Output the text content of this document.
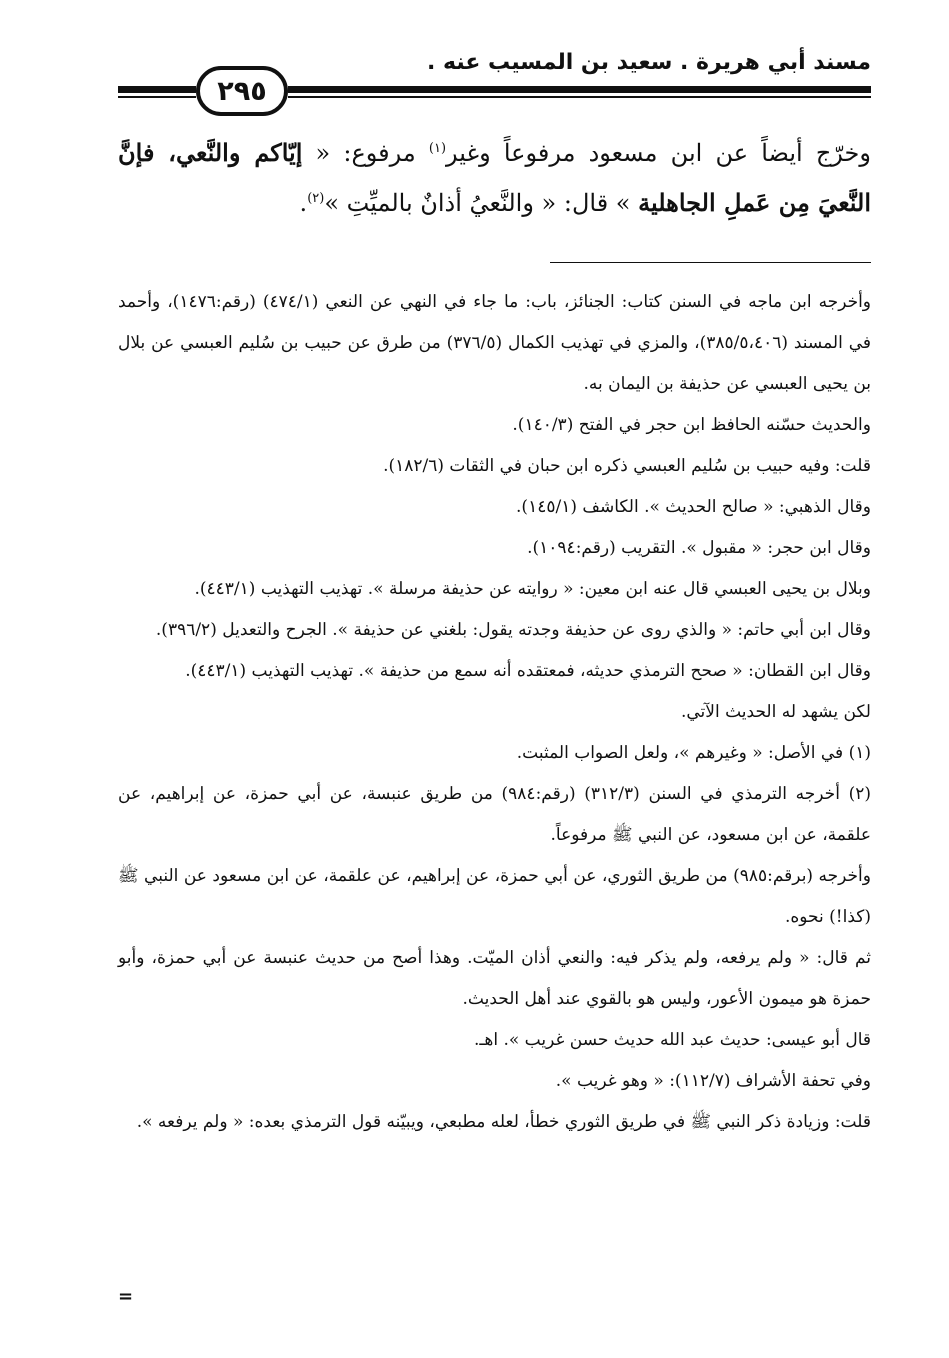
مسند أبي هريرة . سعيد بن المسيب عنه .
٢٩٥
وخرّج أيضاً عن ابن مسعود مرفوعاً وغير$^{(١)}$ مرفوع: « إيّاكم والنَّعي، فإنَّ النَّعيَ مِن عَملِ الجاهلية » قال: « والنَّعيُ أذانٌ بالميِّتِ »$^{(٢)}$.

وأخرجه ابن ماجه في السنن كتاب: الجنائز، باب: ما جاء في النهي عن النعي (٤٧٤/١) (رقم:١٤٧٦)، وأحمد في المسند (٣٨٥/٥،٤٠٦)، والمزي في تهذيب الكمال (٣٧٦/٥) من طرق عن حبيب بن سُليم العبسي عن بلال بن يحيى العبسي عن حذيفة بن اليمان به.

والحديث حسّنه الحافظ ابن حجر في الفتح (١٤٠/٣).

قلت: وفيه حبيب بن سُليم العبسي ذكره ابن حبان في الثقات (١٨٢/٦).

وقال الذهبي: « صالح الحديث ». الكاشف (١٤٥/١).

وقال ابن حجر: « مقبول ». التقريب (رقم:١٠٩٤).

وبلال بن يحيى العبسي قال عنه ابن معين: « روايته عن حذيفة مرسلة ». تهذيب التهذيب (٤٤٣/١).

وقال ابن أبي حاتم: « والذي روى عن حذيفة وجدته يقول: بلغني عن حذيفة ». الجرح والتعديل (٣٩٦/٢).

وقال ابن القطان: « صحح الترمذي حديثه، فمعتقده أنه سمع من حذيفة ». تهذيب التهذيب (٤٤٣/١).

لكن يشهد له الحديث الآتي.

(١) في الأصل: « وغيرهم »، ولعل الصواب المثبت.

(٢) أخرجه الترمذي في السنن (٣١٢/٣) (رقم:٩٨٤) من طريق عنبسة، عن أبي حمزة، عن إبراهيم، عن علقمة، عن ابن مسعود، عن النبي ﷺ مرفوعاً.

وأخرجه (برقم:٩٨٥) من طريق الثوري، عن أبي حمزة، عن إبراهيم، عن علقمة، عن ابن مسعود عن النبي ﷺ (كذا!) نحوه.

ثم قال: « ولم يرفعه، ولم يذكر فيه: والنعي أذان الميّت. وهذا أصح من حديث عنبسة عن أبي حمزة، وأبو حمزة هو ميمون الأعور، وليس هو بالقوي عند أهل الحديث.

قال أبو عيسى: حديث عبد الله حديث حسن غريب ». اهـ.

وفي تحفة الأشراف (١١٢/٧): « وهو غريب ».

قلت: وزيادة ذكر النبي ﷺ في طريق الثوري خطأ، لعله مطبعي، ويبيّنه قول الترمذي بعده: « ولم يرفعه ».

=
